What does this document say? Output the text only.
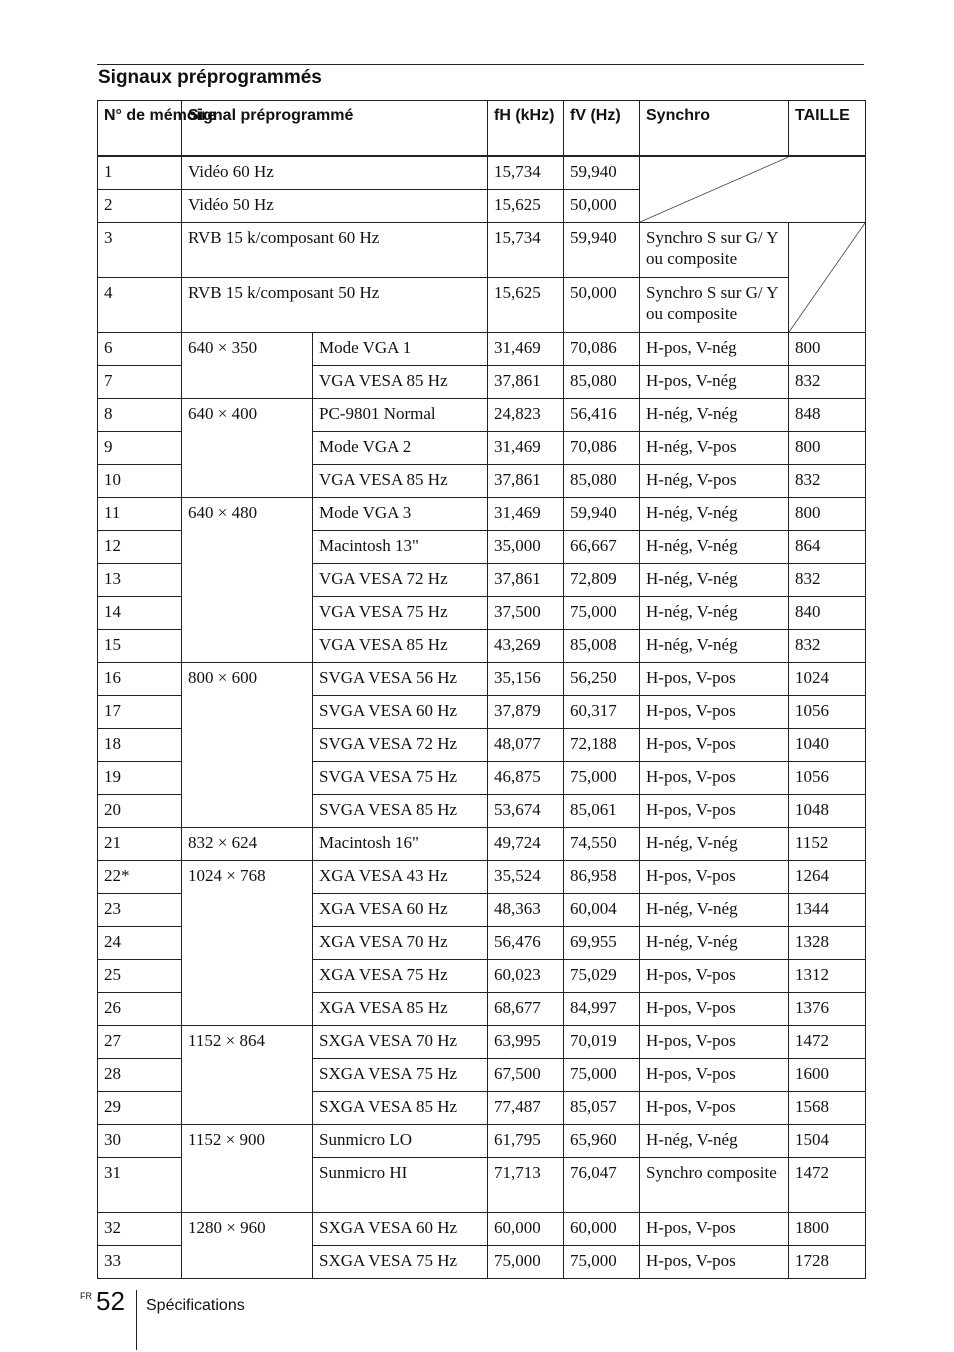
Signaux préprogrammés
N° de mémoire	Signal préprogrammé		fH (kHz)	fV (Hz)	Synchro	TAILLE
1	Vidéo 60 Hz		15,734	59,940	

2	Vidéo 50 Hz		15,625	50,000		
3	RVB 15 k/composant 60 Hz		15,734	59,940	Synchro S sur G/ Y ou composite	

4	RVB 15 k/composant 50 Hz		15,625	50,000	Synchro S sur G/ Y ou composite	
6	640 × 350	Mode VGA 1	31,469	70,086	H-pos, V-nég	800
7		VGA VESA 85 Hz	37,861	85,080	H-pos, V-nég	832
8	640 × 400	PC-9801 Normal	24,823	56,416	H-nég, V-nég	848
9		Mode VGA 2	31,469	70,086	H-nég, V-pos	800
10		VGA VESA 85 Hz	37,861	85,080	H-nég, V-pos	832
11	640 × 480	Mode VGA 3	31,469	59,940	H-nég, V-nég	800
12		Macintosh 13"	35,000	66,667	H-nég, V-nég	864
13		VGA VESA 72 Hz	37,861	72,809	H-nég, V-nég	832
14		VGA VESA 75 Hz	37,500	75,000	H-nég, V-nég	840
15		VGA VESA 85 Hz	43,269	85,008	H-nég, V-nég	832
16	800 × 600	SVGA VESA 56 Hz	35,156	56,250	H-pos, V-pos	1024
17		SVGA VESA 60 Hz	37,879	60,317	H-pos, V-pos	1056
18		SVGA VESA 72 Hz	48,077	72,188	H-pos, V-pos	1040
19		SVGA VESA 75 Hz	46,875	75,000	H-pos, V-pos	1056
20		SVGA VESA 85 Hz	53,674	85,061	H-pos, V-pos	1048
21	832 × 624	Macintosh 16"	49,724	74,550	H-nég, V-nég	1152
22*	1024 × 768	XGA VESA 43 Hz	35,524	86,958	H-pos, V-pos	1264
23		XGA VESA 60 Hz	48,363	60,004	H-nég, V-nég	1344
24		XGA VESA 70 Hz	56,476	69,955	H-nég, V-nég	1328
25		XGA VESA 75 Hz	60,023	75,029	H-pos, V-pos	1312
26		XGA VESA 85 Hz	68,677	84,997	H-pos, V-pos	1376
27	1152 × 864	SXGA VESA 70 Hz	63,995	70,019	H-pos, V-pos	1472
28		SXGA VESA 75 Hz	67,500	75,000	H-pos, V-pos	1600
29		SXGA VESA 85 Hz	77,487	85,057	H-pos, V-pos	1568
30	1152 × 900	Sunmicro LO	61,795	65,960	H-nég, V-nég	1504
31		Sunmicro HI	71,713	76,047	Synchro composite	1472
32	1280 × 960	SXGA VESA 60 Hz	60,000	60,000	H-pos, V-pos	1800
33		SXGA VESA 75 Hz	75,000	75,000	H-pos, V-pos	1728
FR 52 Spécifications
